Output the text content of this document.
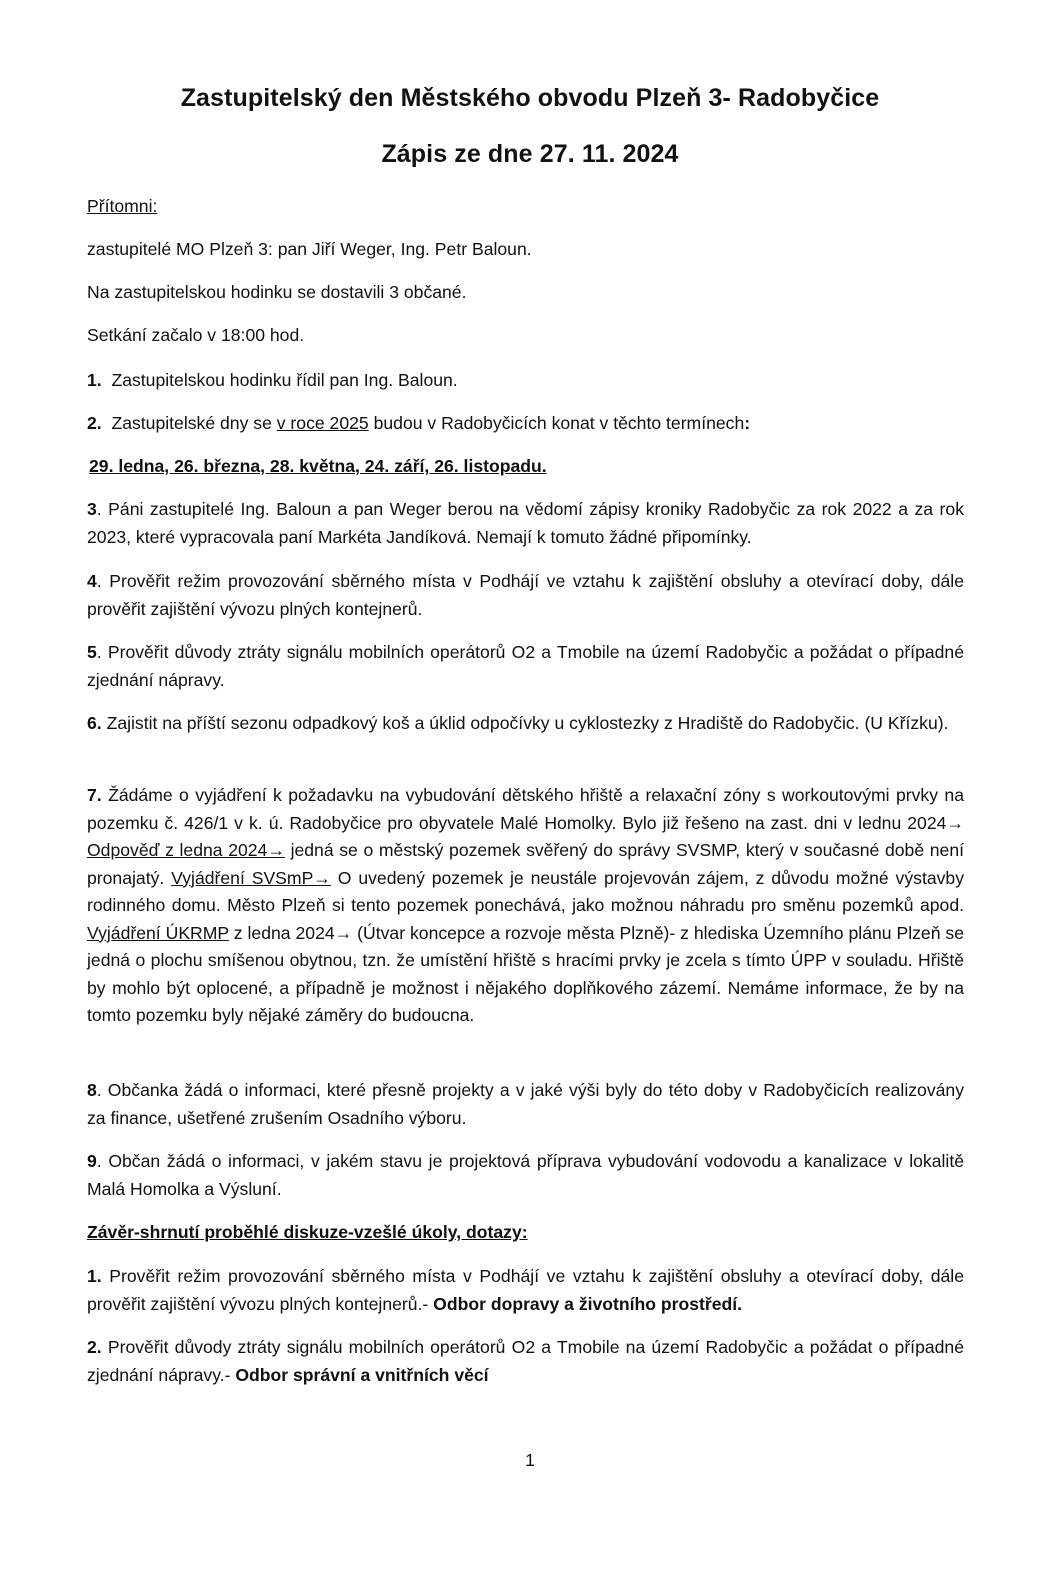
Zastupitelský den Městského obvodu Plzeň 3- Radobyčice
Zápis ze dne 27. 11. 2024
Přítomni:
zastupitelé MO Plzeň 3: pan Jiří Weger, Ing. Petr Baloun.
Na zastupitelskou hodinku se dostavili 3 občané.
Setkání začalo v 18:00 hod.
1. Zastupitelskou hodinku řídil pan Ing. Baloun.
2. Zastupitelské dny se v roce 2025 budou v Radobyčicích konat v těchto termínech:
29. ledna, 26. března, 28. května, 24. září, 26. listopadu.
3. Páni zastupitelé Ing. Baloun a pan Weger berou na vědomí zápisy kroniky Radobyčic za rok 2022 a za rok 2023, které vypracovala paní Markéta Jandíková. Nemají k tomuto žádné připomínky.
4. Prověřit režim provozování sběrného místa v Podhájí ve vztahu k zajištění obsluhy a otevírací doby, dále prověřit zajištění vývozu plných kontejnerů.
5. Prověřit důvody ztráty signálu mobilních operátorů O2 a Tmobile na území Radobyčic a požádat o případné zjednání nápravy.
6. Zajistit na příští sezonu odpadkový koš a úklid odpočívky u cyklostezky z Hradiště do Radobyčic. (U Křízku).
7. Žádáme o vyjádření k požadavku na vybudování dětského hřiště a relaxační zóny s workoutovými prvky na pozemku č. 426/1 v k. ú. Radobyčice pro obyvatele Malé Homolky. Bylo již řešeno na zast. dni v lednu 2024→ Odpověď z ledna 2024→ jedná se o městský pozemek svěřený do správy SVSMP, který v současné době není pronajatý. Vyjádření SVSmP→ O uvedený pozemek je neustále projevován zájem, z důvodu možné výstavby rodinného domu. Město Plzeň si tento pozemek ponechává, jako možnou náhradu pro směnu pozemků apod. Vyjádření ÚKRMP z ledna 2024→ (Útvar koncepce a rozvoje města Plzně)- z hlediska Územního plánu Plzeň se jedná o plochu smíšenou obytnou, tzn. že umístění hřiště s hracími prvky je zcela s tímto ÚPP v souladu. Hřiště by mohlo být oplocené, a případně je možnost i nějakého doplňkového zázemí. Nemáme informace, že by na tomto pozemku byly nějaké záměry do budoucna.
8. Občanka žádá o informaci, které přesně projekty a v jaké výši byly do této doby v Radobyčicích realizovány za finance, ušetřené zrušením Osadního výboru.
9. Občan žádá o informaci, v jakém stavu je projektová příprava vybudování vodovodu a kanalizace v lokalitě Malá Homolka a Výsluní.
Závěr-shrnutí proběhlé diskuze-vzešlé úkoly, dotazy:
1. Prověřit režim provozování sběrného místa v Podhájí ve vztahu k zajištění obsluhy a otevírací doby, dále prověřit zajištění vývozu plných kontejnerů.- Odbor dopravy a životního prostředí.
2. Prověřit důvody ztráty signálu mobilních operátorů O2 a Tmobile na území Radobyčic a požádat o případné zjednání nápravy.- Odbor správní a vnitřních věcí
1
